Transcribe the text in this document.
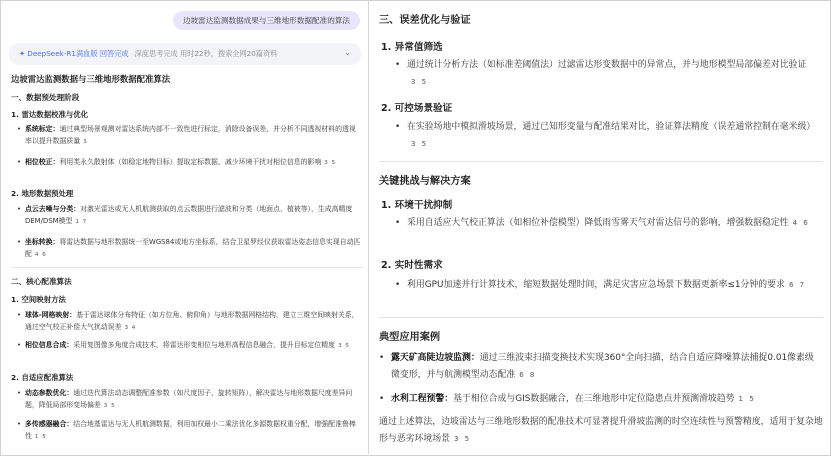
边坡雷达监测数据成果与三维地形数据配准的算法
✦ DeepSeek-R1满血版 回答完成 深度思考完成 用时22秒，搜索全网20篇资料	⌄
边坡雷达监测数据与三维地形数据配准算法
一、数据预处理阶段
1. 雷达数据校准与优化
• 系统标定：通过典型场景观测对雷达系统内部不一致性进行标定，消除设备误差，并分析不同透视材料的透视率以提升数据质量 3
• 相位校正：利用类永久散射体（如稳定地物目标）提取定标数据，减少环境干扰对相位信息的影响 3 5
2. 地形数据预处理
• 点云去噪与分类：对激光雷达或无人机航测获取的点云数据进行滤波和分类（地面点、植被等），生成高精度DEM/DSM模型 1 7
• 坐标转换：将雷达数据与地形数据统一至WGS84或地方坐标系，结合卫星罗经仪获取雷达姿态信息实现自动匹配 4 6
二、核心配准算法
1. 空间映射方法
• 球体-网格映射：基于雷达球体分布特征（如方位角、俯仰角）与地形数据网格结构，建立三维空间映射关系，通过空气校正补偿大气扰动误差 3 4
• 相位信息合成：采用复图像多角度合成技术，将雷达形变相位与地形高程信息融合，提升目标定位精度 3 5
2. 自适应配准算法
• 动态参数优化：通过迭代算法动态调整配准参数（如尺度因子、旋转矩阵），解决雷达与地形数据尺度差异问题，降低局部形变场偏差 3 5
• 多传感器融合：结合地基雷达与无人机航测数据，利用加权最小二乘法优化多源数据权重分配，增强配准鲁棒性 1 5
三、误差优化与验证
1. 异常值筛选
• 通过统计分析方法（如标准差阈值法）过滤雷达形变数据中的异常点，并与地形模型局部偏差对比验证3 5
2. 可控场景验证
• 在实验场地中模拟滑坡场景，通过已知形变量与配准结果对比，验证算法精度（误差通常控制在毫米级）3 5
关键挑战与解决方案
1. 环境干扰抑制
• 采用自适应大气校正算法（如相位补偿模型）降低雨雪雾天气对雷达信号的影响，增强数据稳定性 4 6
2. 实时性需求
• 利用GPU加速并行计算技术，缩短数据处理时间，满足灾害应急场景下数据更新率≤1分钟的要求 6 7
典型应用案例
• 露天矿高陡边坡监测：通过三维波束扫描变换技术实现360°全向扫描，结合自适应降噪算法捕捉0.01像素级微变形，并与航测模型动态配准 6 8
• 水利工程预警：基于相位合成与GIS数据融合，在三维地形中定位隐患点并预测滑坡趋势 1 5
通过上述算法，边坡雷达与三维地形数据的配准技术可显著提升滑坡监测的时空连续性与预警精度，适用于复杂地形与恶劣环境场景 3 5
